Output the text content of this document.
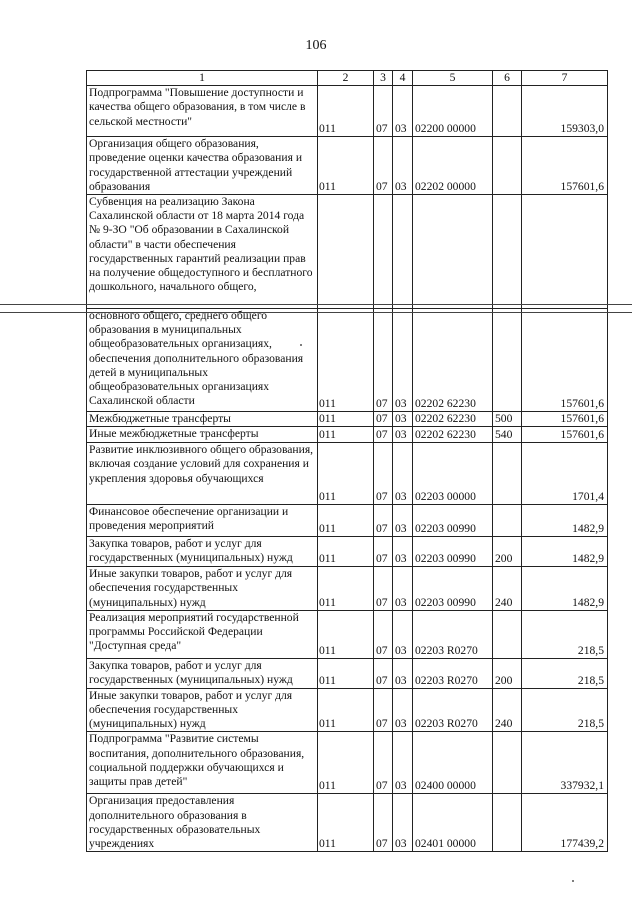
106
1	2	3	4	5	6	7
Подпрограмма "Повышение доступности и качества общего образования, в том числе в сельской местности"	011	07	03	02200 00000		159303,0
Организация общего образования, проведение оценки качества образования и государственной аттестации учреждений образования	011	07	03	02202 00000		157601,6
Субвенция на реализацию Закона Сахалинской области от 18 марта 2014 года № 9-ЗО "Об образовании в Сахалинской области" в части обеспечения государственных гарантий реализации прав на получение общедоступного и бесплатного дошкольного, начального общего,						
основного общего, среднего общего образования в муниципальных общеобразовательных организациях, обеспечения дополнительного образования детей в муниципальных общеобразовательных организациях Сахалинской области	011	07	03	02202 62230		157601,6
Межбюджетные трансферты	011	07	03	02202 62230	500	157601,6
Иные межбюджетные трансферты	011	07	03	02202 62230	540	157601,6
Развитие инклюзивного общего образования, включая создание условий для сохранения и укрепления здоровья обучающихся	011	07	03	02203 00000		1701,4
Финансовое обеспечение организации и проведения мероприятий	011	07	03	02203 00990		1482,9
Закупка товаров, работ и услуг для государственных (муниципальных) нужд	011	07	03	02203 00990	200	1482,9
Иные закупки товаров, работ и услуг для обеспечения государственных (муниципальных) нужд	011	07	03	02203 00990	240	1482,9
Реализация мероприятий государственной программы Российской Федерации "Доступная среда"	011	07	03	02203 R0270		218,5
Закупка товаров, работ и услуг для государственных (муниципальных) нужд	011	07	03	02203 R0270	200	218,5
Иные закупки товаров, работ и услуг для обеспечения государственных (муниципальных) нужд	011	07	03	02203 R0270	240	218,5
Подпрограмма "Развитие системы воспитания, дополнительного образования, социальной поддержки обучающихся и защиты прав детей"	011	07	03	02400 00000		337932,1
Организация предоставления дополнительного образования в государственных образовательных учреждениях	011	07	03	02401 00000		177439,2
